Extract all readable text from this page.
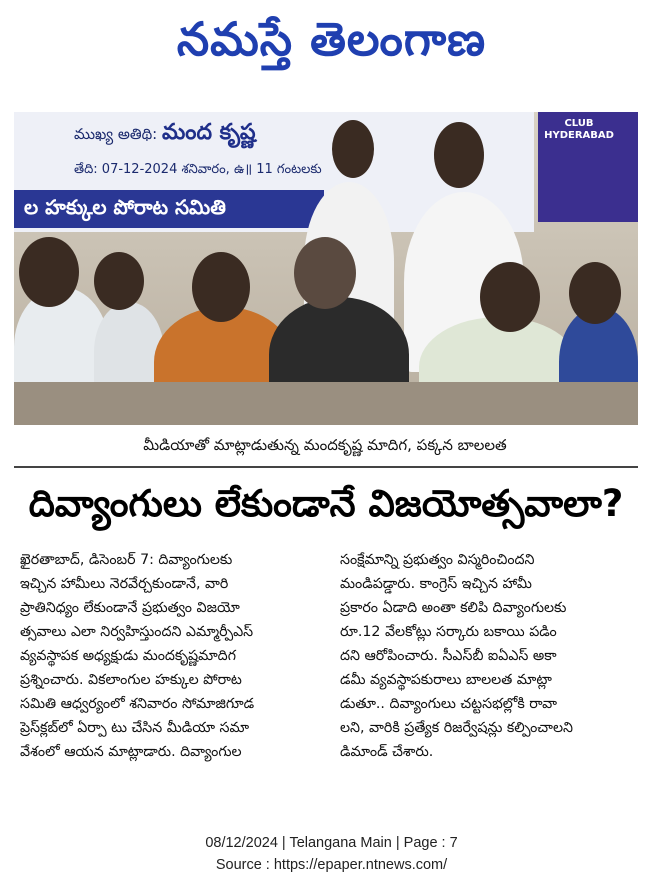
నమస్తే తెలంగాణ
ముఖ్య అతిథి: మంద కృష్ణ
తేది: 07-12-2024 శనివారం, ఉ॥ 11 గంటలకు
ల హక్కుల పోరాట సమితి
CLUB HYDERABAD
మీడియాతో మాట్లాడుతున్న మందకృష్ణ మాదిగ, పక్కన బాలలత
దివ్యాంగులు లేకుండానే విజయోత్సవాలా?

ఖైరతాబాద్, డిసెంబర్ 7: దివ్యాంగులకు

ఇచ్చిన హామీలు నెరవేర్చకుండానే, వారి

ప్రాతినిధ్యం లేకుండానే ప్రభుత్వం విజయో

త్సవాలు ఎలా నిర్వహిస్తుందని ఎమ్మార్పీఎస్

వ్యవస్థాపక అధ్యక్షుడు మందకృష్ణమాదిగ

ప్రశ్నించారు. వికలాంగుల హక్కుల పోరాట

సమితి ఆధ్వర్యంలో శనివారం సోమాజిగూడ

ప్రెస్‌క్లబ్‌లో ఏర్పా టు చేసిన మీడియా సమా

వేశంలో ఆయన మాట్లాడారు. దివ్యాంగుల

సంక్షేమాన్ని ప్రభుత్వం విస్మరించిందని

మండిపడ్డారు. కాంగ్రెస్ ఇచ్చిన హామీ

ప్రకారం ఏడాది అంతా కలిపి దివ్యాంగులకు

రూ.12 వేలకోట్లు సర్కారు బకాయి పడిం

దని ఆరోపించారు. సీఎస్‌బీ ఐఏఎస్ అకా

డమీ వ్యవస్థాపకురాలు బాలలత మాట్లా

డుతూ.. దివ్యాంగులు చట్టసభల్లోకి రావా

లని, వారికి ప్రత్యేక రిజర్వేషన్లు కల్పించాలని

డిమాండ్ చేశారు.

08/12/2024 | Telangana Main | Page : 7
Source : https://epaper.ntnews.com/
